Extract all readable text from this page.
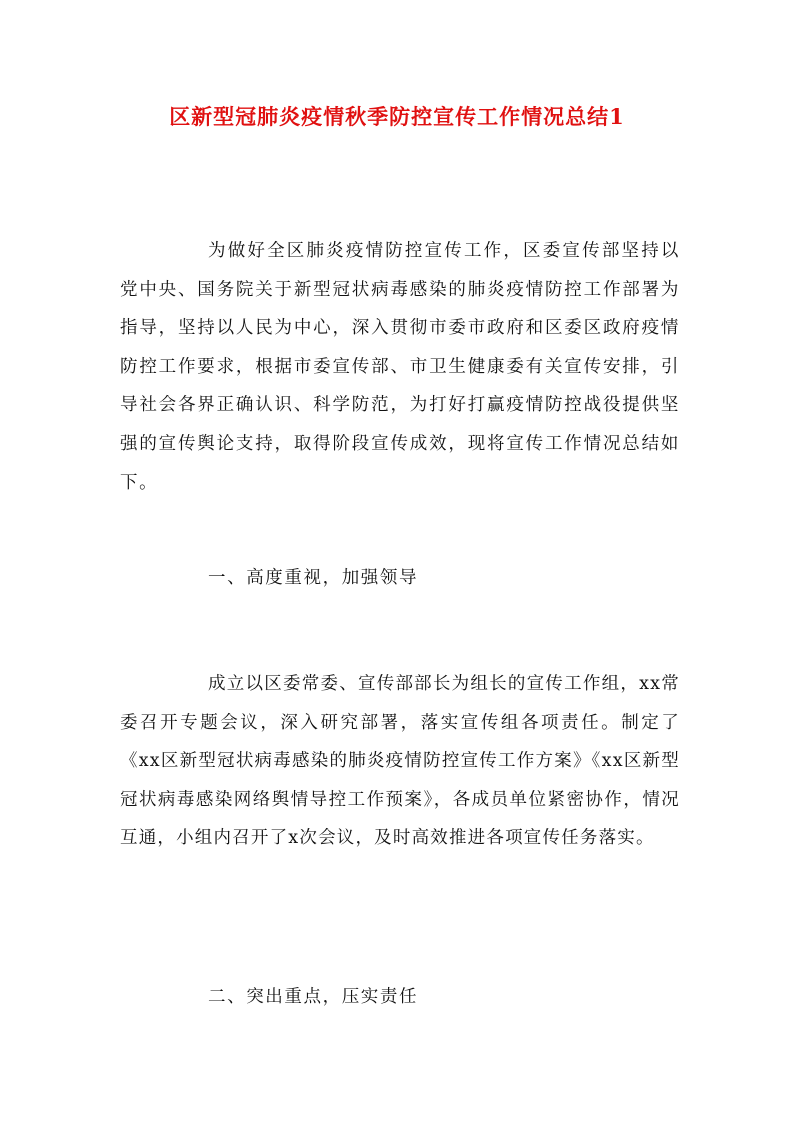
区新型冠肺炎疫情秋季防控宣传工作情况总结1

为做好全区肺炎疫情防控宣传工作，区委宣传部坚持以党中央、国务院关于新型冠状病毒感染的肺炎疫情防控工作部署为指导，坚持以人民为中心，深入贯彻市委市政府和区委区政府疫情防控工作要求，根据市委宣传部、市卫生健康委有关宣传安排，引导社会各界正确认识、科学防范，为打好打赢疫情防控战役提供坚强的宣传舆论支持，取得阶段宣传成效，现将宣传工作情况总结如下。

一、高度重视，加强领导

成立以区委常委、宣传部部长为组长的宣传工作组，xx常委召开专题会议，深入研究部署，落实宣传组各项责任。制定了《xx区新型冠状病毒感染的肺炎疫情防控宣传工作方案》《xx区新型冠状病毒感染网络舆情导控工作预案》，各成员单位紧密协作，情况互通，小组内召开了x次会议，及时高效推进各项宣传任务落实。

二、突出重点，压实责任
